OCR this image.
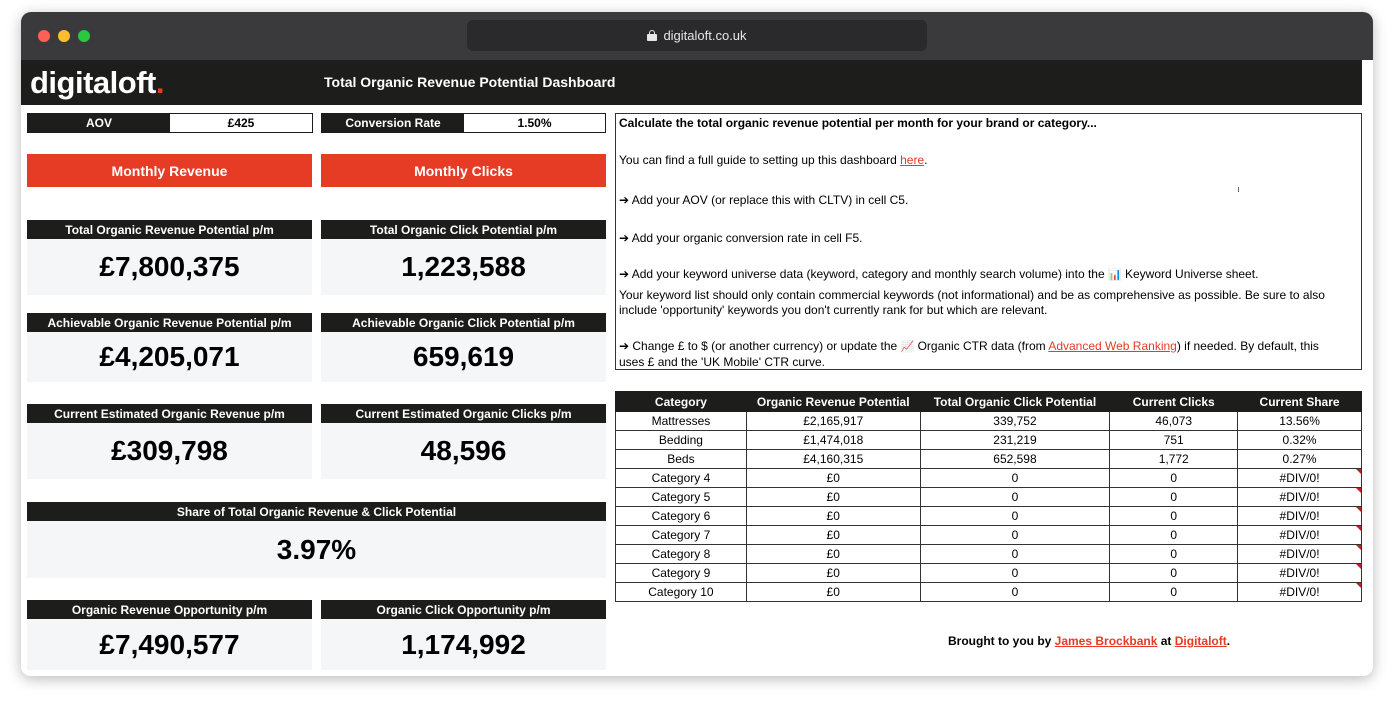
digitaloft.co.uk
digitaloft.	Total Organic Revenue Potential Dashboard
AOV	£425	Conversion Rate	1.50%
Monthly Revenue	Monthly Clicks
Total Organic Revenue Potential p/m
£7,800,375
Total Organic Click Potential p/m
1,223,588
Achievable Organic Revenue Potential p/m
£4,205,071
Achievable Organic Click Potential p/m
659,619
Current Estimated Organic Revenue p/m
£309,798
Current Estimated Organic Clicks p/m
48,596
Share of Total Organic Revenue & Click Potential
3.97%
Organic Revenue Opportunity p/m
£7,490,577
Organic Click Opportunity p/m
1,174,992

Calculate the total organic revenue potential per month for your brand or category...

You can find a full guide to setting up this dashboard here.

➔ Add your AOV (or replace this with CLTV) in cell C5.

➔ Add your organic conversion rate in cell F5.

➔ Add your keyword universe data (keyword, category and monthly search volume) into the 📊 Keyword Universe sheet.

Your keyword list should only contain commercial keywords (not informational) and be as comprehensive as possible. Be sure to also include 'opportunity' keywords you don't currently rank for but which are relevant.

➔ Change £ to $ (or another currency) or update the 📈 Organic CTR data (from Advanced Web Ranking) if needed. By default, this uses £ and the 'UK Mobile' CTR curve.

Category	Organic Revenue Potential	Total Organic Click Potential	Current Clicks	Current Share
Mattresses	£2,165,917	339,752	46,073	13.56%
Bedding	£1,474,018	231,219	751	0.32%
Beds	£4,160,315	652,598	1,772	0.27%
Category 4	£0	0	0	#DIV/0!
Category 5	£0	0	0	#DIV/0!
Category 6	£0	0	0	#DIV/0!
Category 7	£0	0	0	#DIV/0!
Category 8	£0	0	0	#DIV/0!
Category 9	£0	0	0	#DIV/0!
Category 10	£0	0	0	#DIV/0!
Brought to you by James Brockbank at Digitaloft.
